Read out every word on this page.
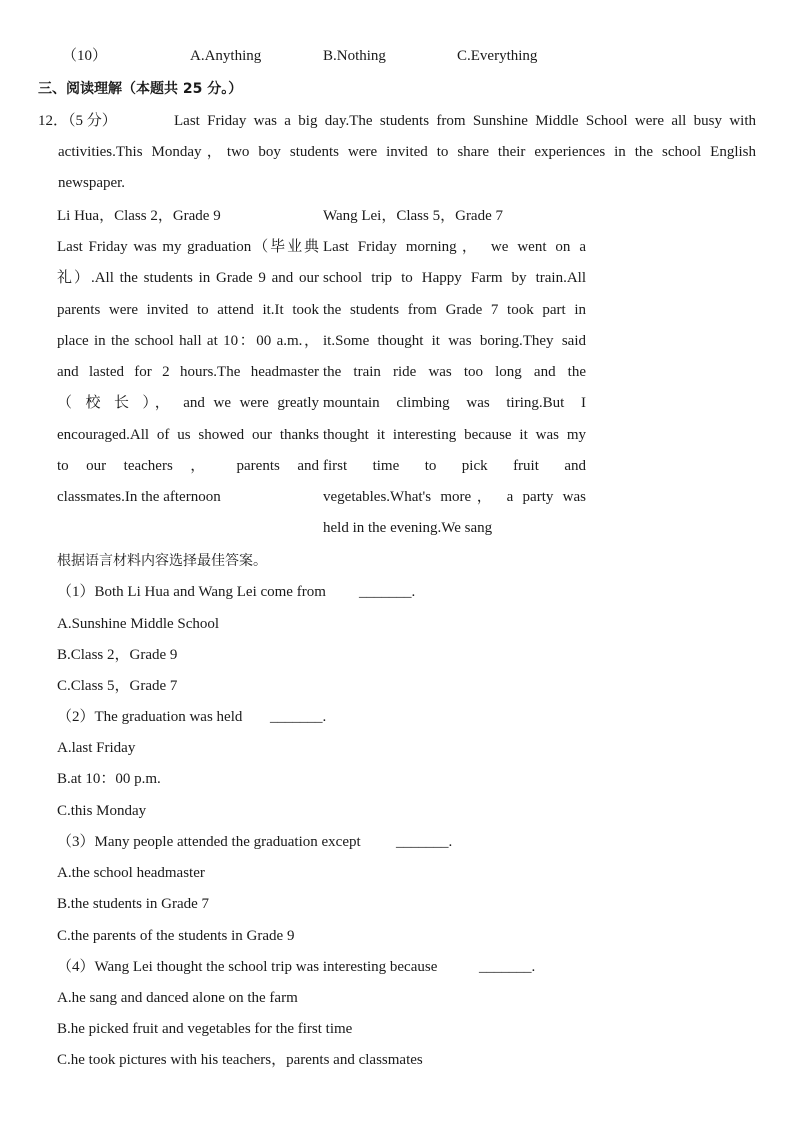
（10）	A.Anything	B.Nothing	C.Everything
三、阅读理解（本题共 25 分。）
12．（5 分）	Last Friday was a big day.The students from Sunshine Middle School were all busy with
activities.This Monday，two boy students were invited to share their experiences in the school English
newspaper.
Li Hua，Class 2，Grade 9	Wang Lei，Class 5，Grade 7
Last Friday was my graduation（毕业典
礼）.All the students in Grade 9 and our
parents were invited to attend it.It took
place in the school hall at 10：00 a.m.，
and lasted for 2 hours.The headmaster
（ 校 长 ）， and we were greatly
encouraged.All of us showed our thanks
to our teachers ， parents and
classmates.In the afternoon
Last Friday morning， we went on a
school trip to Happy Farm by train.All
the students from Grade 7 took part in
it.Some thought it was boring.They said
the train ride was too long and the
mountain climbing was tiring.But I
thought it interesting because it was my
first time to pick fruit and
vegetables.What's more， a party was
held in the evening.We sang
根据语言材料内容选择最佳答案。
（1）Both Li Hua and Wang Lei come from _______.
A.Sunshine Middle School
B.Class 2，Grade 9
C.Class 5，Grade 7
（2）The graduation was held _______.
A.last Friday
B.at 10：00 p.m.
C.this Monday
（3）Many people attended the graduation except _______.
A.the school headmaster
B.the students in Grade 7
C.the parents of the students in Grade 9
（4）Wang Lei thought the school trip was interesting because	_______.
A.he sang and danced alone on the farm
B.he picked fruit and vegetables for the first time
C.he took pictures with his teachers，parents and classmates
